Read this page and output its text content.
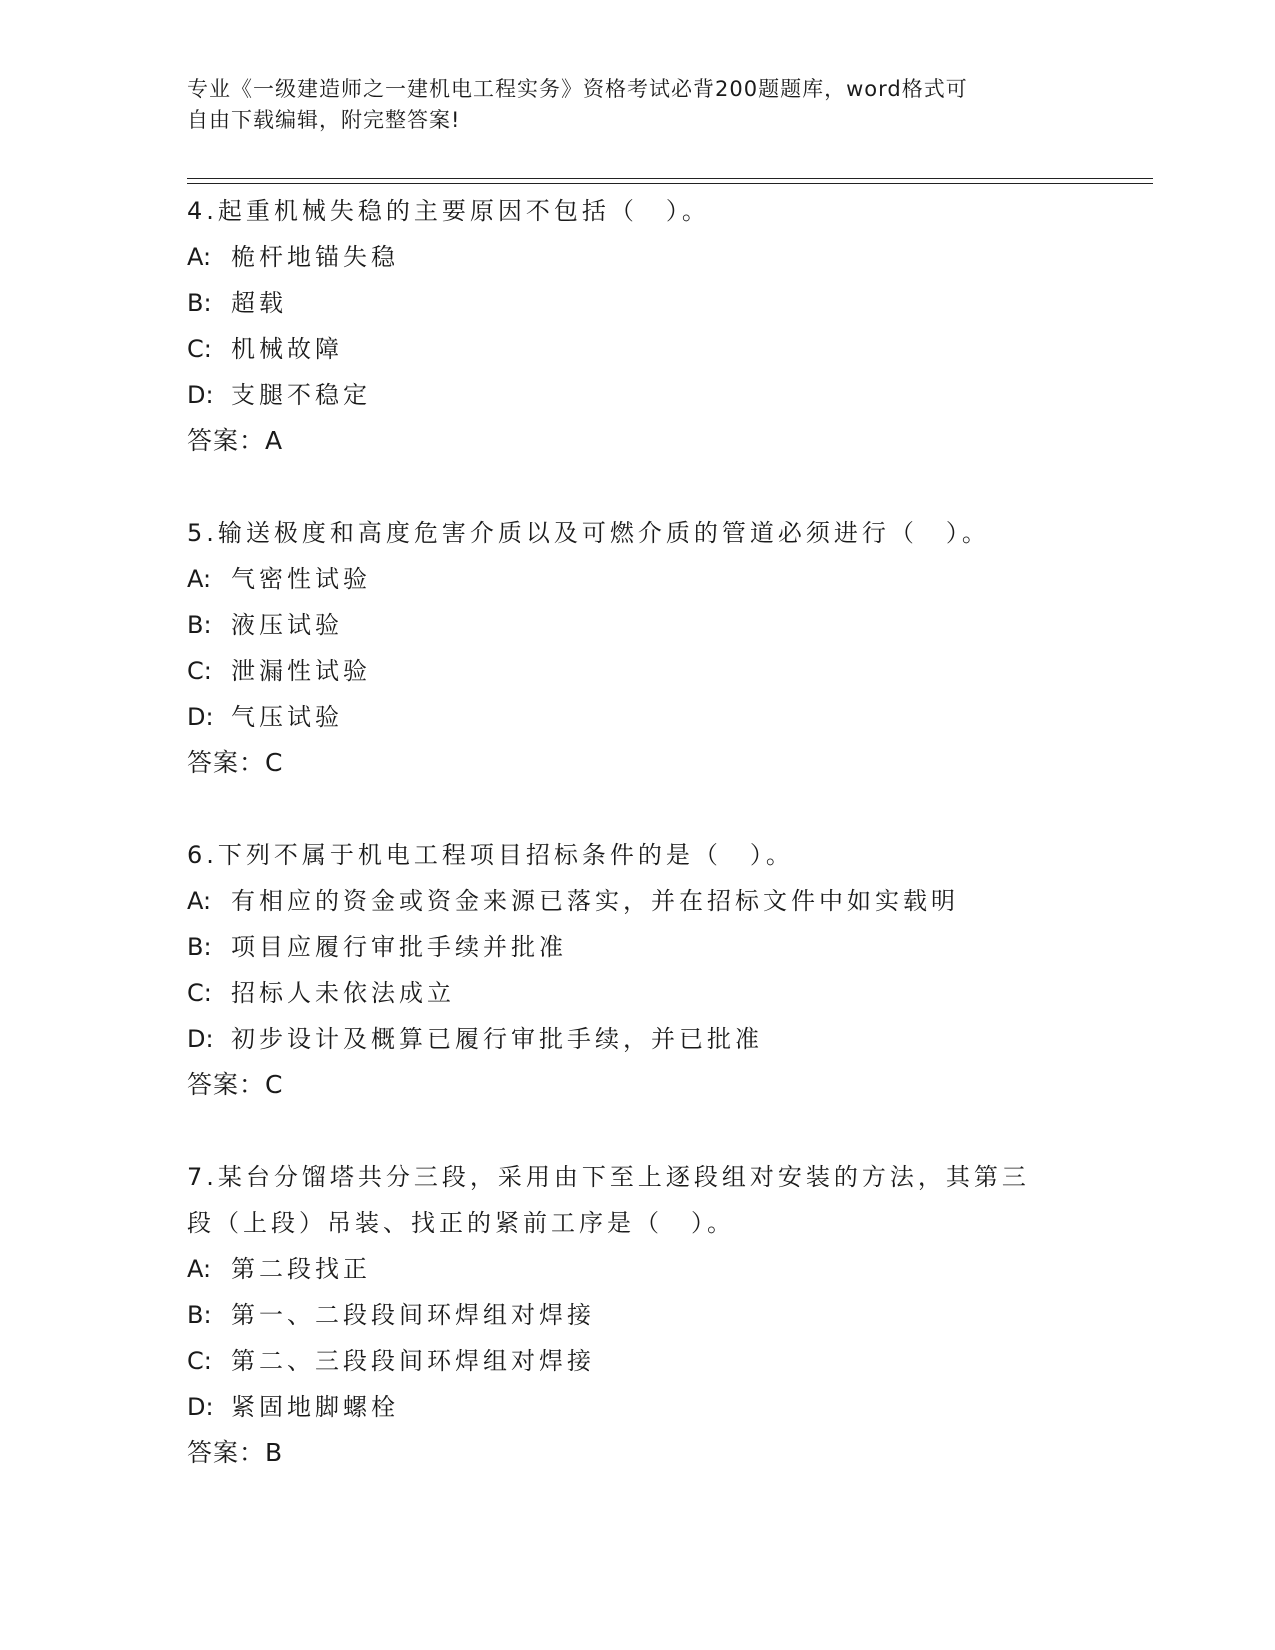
专业《一级建造师之一建机电工程实务》资格考试必背200题题库，word格式可
自由下载编辑，附完整答案!
4.起重机械失稳的主要原因不包括（　）。
A: 桅杆地锚失稳
B: 超载
C: 机械故障
D: 支腿不稳定
答案：A
5.输送极度和高度危害介质以及可燃介质的管道必须进行（　）。
A: 气密性试验
B: 液压试验
C: 泄漏性试验
D: 气压试验
答案：C
6.下列不属于机电工程项目招标条件的是（　）。
A: 有相应的资金或资金来源已落实，并在招标文件中如实载明
B: 项目应履行审批手续并批准
C: 招标人未依法成立
D: 初步设计及概算已履行审批手续，并已批准
答案：C
7.某台分馏塔共分三段，采用由下至上逐段组对安装的方法，其第三
段（上段）吊装、找正的紧前工序是（　）。
A: 第二段找正
B: 第一、二段段间环焊组对焊接
C: 第二、三段段间环焊组对焊接
D: 紧固地脚螺栓
答案：B
